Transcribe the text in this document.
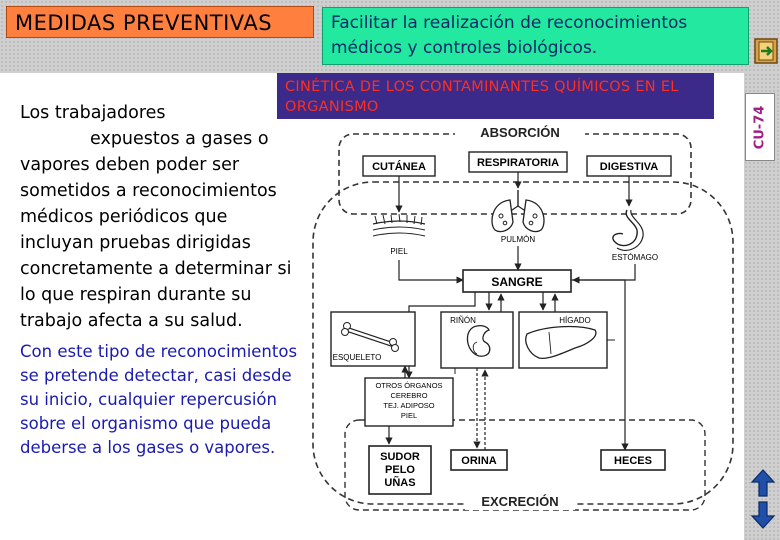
MEDIDAS PREVENTIVAS	Facilitar la realización de reconocimientos médicos y controles biológicos.
CU-74
CINÉTICA DE LOS CONTAMINANTES QUÍMICOS EN EL ORGANISMO
Los trabajadores
expuestos a gases o vapores deben poder ser sometidos a reconocimientos médicos periódicos que incluyan pruebas dirigidas concretamente a determinar si lo que respiran durante su trabajo afecta a su salud.
Con este tipo de reconocimientos se pretende detectar, casi desde su inicio, cualquier repercusión sobre el organismo que pueda deberse a los gases o vapores.
ABSORCIÓN
CUTÁNEA	RESPIRATORIA	DIGESTIVA
PIEL
PULMÓN
ESTÓMAGO
SANGRE
ESQUELETO
RIÑÓN	HÍGADO
OTROS ÓRGANOS
CEREBRO
TEJ. ADIPOSO
PIEL
SUDOR
PELO
UÑAS
ORINA	HECES
EXCRECIÓN
